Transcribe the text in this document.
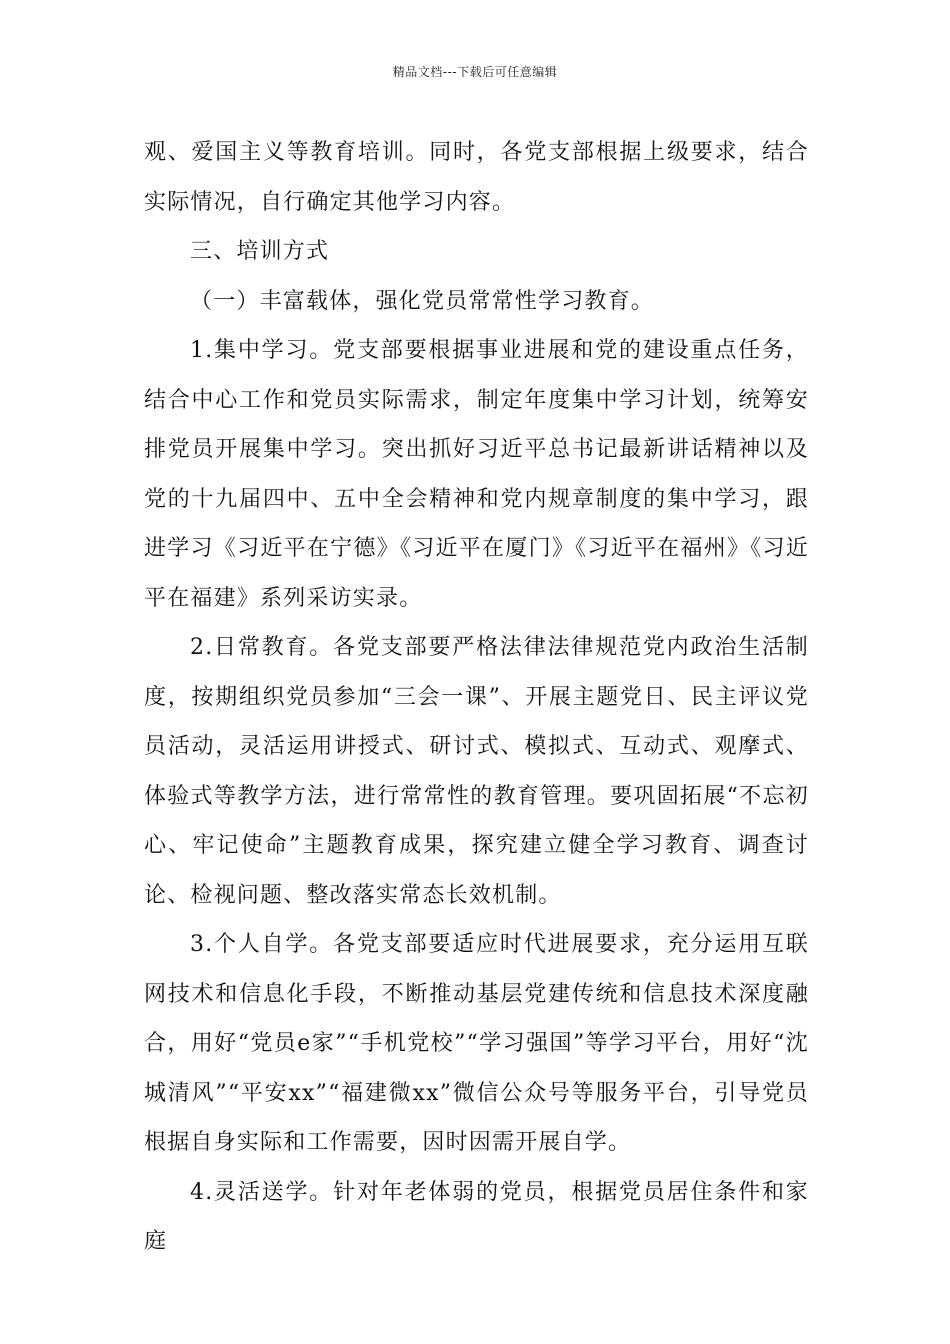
精品文档---下载后可任意编辑

观、爱国主义等教育培训。同时，各党支部根据上级要求，结合实际情况，自行确定其他学习内容。

三、培训方式

（一）丰富载体，强化党员常常性学习教育。

1.集中学习。党支部要根据事业进展和党的建设重点任务，结合中心工作和党员实际需求，制定年度集中学习计划，统筹安排党员开展集中学习。突出抓好习近平总书记最新讲话精神以及党的十九届四中、五中全会精神和党内规章制度的集中学习，跟进学习《习近平在宁德》《习近平在厦门》《习近平在福州》《习近平在福建》系列采访实录。

2.日常教育。各党支部要严格法律法律规范党内政治生活制度，按期组织党员参加“三会一课”、开展主题党日、民主评议党员活动，灵活运用讲授式、研讨式、模拟式、互动式、观摩式、体验式等教学方法，进行常常性的教育管理。要巩固拓展“不忘初心、牢记使命”主题教育成果，探究建立健全学习教育、调查讨论、检视问题、整改落实常态长效机制。

3.个人自学。各党支部要适应时代进展要求，充分运用互联网技术和信息化手段，不断推动基层党建传统和信息技术深度融合，用好“党员e家”“手机党校”“学习强国”等学习平台，用好“沈城清风”“平安xx”“福建微xx”微信公众号等服务平台，引导党员根据自身实际和工作需要，因时因需开展自学。

4.灵活送学。针对年老体弱的党员，根据党员居住条件和家庭
